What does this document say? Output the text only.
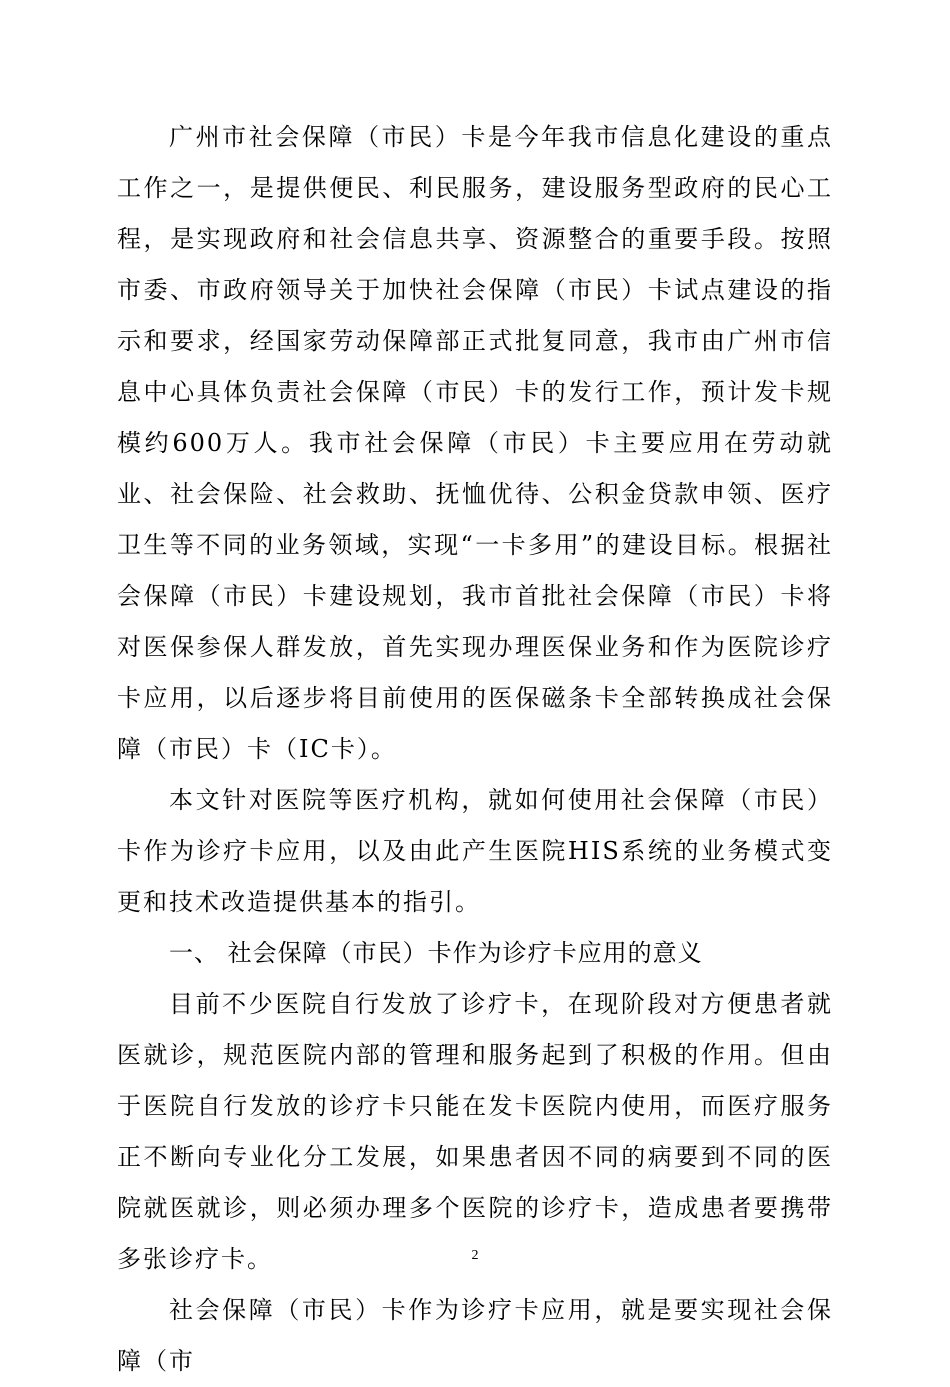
广州市社会保障（市民）卡是今年我市信息化建设的重点工作之一，是提供便民、利民服务，建设服务型政府的民心工程，是实现政府和社会信息共享、资源整合的重要手段。按照市委、市政府领导关于加快社会保障（市民）卡试点建设的指示和要求，经国家劳动保障部正式批复同意，我市由广州市信息中心具体负责社会保障（市民）卡的发行工作，预计发卡规模约600万人。我市社会保障（市民）卡主要应用在劳动就业、社会保险、社会救助、抚恤优待、公积金贷款申领、医疗卫生等不同的业务领域，实现“一卡多用”的建设目标。根据社会保障（市民）卡建设规划，我市首批社会保障（市民）卡将对医保参保人群发放，首先实现办理医保业务和作为医院诊疗卡应用，以后逐步将目前使用的医保磁条卡全部转换成社会保障（市民）卡（IC卡）。

本文针对医院等医疗机构，就如何使用社会保障（市民）卡作为诊疗卡应用，以及由此产生医院HIS系统的业务模式变更和技术改造提供基本的指引。

一、 社会保障（市民）卡作为诊疗卡应用的意义

目前不少医院自行发放了诊疗卡，在现阶段对方便患者就医就诊，规范医院内部的管理和服务起到了积极的作用。但由于医院自行发放的诊疗卡只能在发卡医院内使用，而医疗服务正不断向专业化分工发展，如果患者因不同的病要到不同的医院就医就诊，则必须办理多个医院的诊疗卡，造成患者要携带多张诊疗卡。

社会保障（市民）卡作为诊疗卡应用，就是要实现社会保障（市

2
